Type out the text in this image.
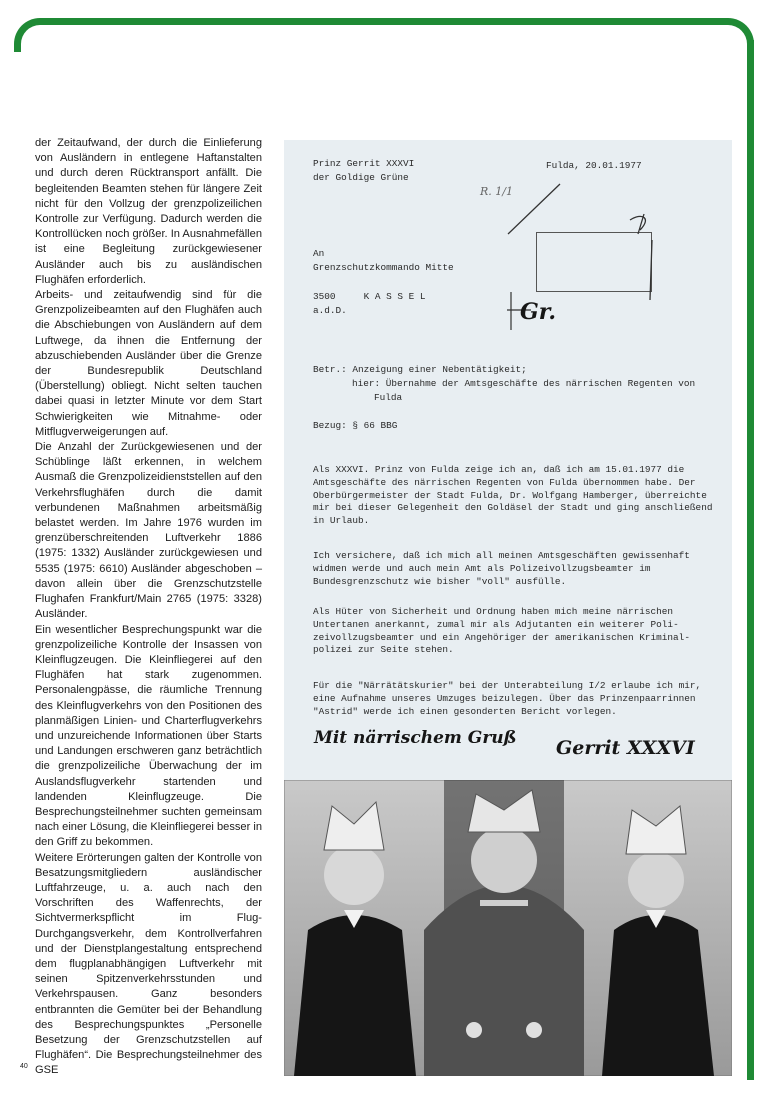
der Zeitaufwand, der durch die Einlieferung von Ausländern in entlegene Haftanstalten und durch deren Rücktransport anfällt. Die begleitenden Beamten stehen für längere Zeit nicht für den Vollzug der grenzpolizeilichen Kontrolle zur Verfügung. Dadurch werden die Kontrollücken noch größer. In Ausnahmefällen ist eine Begleitung zurückgewiesener Ausländer auch bis zu ausländischen Flughäfen erforderlich.

Arbeits- und zeitaufwendig sind für die Grenzpolizeibeamten auf den Flughäfen auch die Abschiebungen von Ausländern auf dem Luftwege, da ihnen die Entfernung der abzuschiebenden Ausländer über die Grenze der Bundesrepublik Deutschland (Überstellung) obliegt. Nicht selten tauchen dabei quasi in letzter Minute vor dem Start Schwierigkeiten wie Mitnahme- oder Mitflugverweigerungen auf.

Die Anzahl der Zurückgewiesenen und der Schüblinge läßt erkennen, in welchem Ausmaß die Grenzpolizeidienststellen auf den Verkehrsflughäfen durch die damit verbundenen Maßnahmen arbeitsmäßig belastet werden. Im Jahre 1976 wurden im grenzüberschreitenden Luftverkehr 1886 (1975: 1332) Ausländer zurückgewiesen und 5535 (1975: 6610) Ausländer abgeschoben – davon allein über die Grenzschutzstelle Flughafen Frankfurt/Main 2765 (1975: 3328) Ausländer.

Ein wesentlicher Besprechungspunkt war die grenzpolizeiliche Kontrolle der Insassen von Kleinflugzeugen. Die Kleinfliegerei auf den Flughäfen hat stark zugenommen. Personalengpässe, die räumliche Trennung des Kleinflugverkehrs von den Positionen des planmäßigen Linien- und Charterflugverkehrs und unzureichende Informationen über Starts und Landungen erschweren ganz beträchtlich die grenzpolizeiliche Überwachung der im Auslandsflugverkehr startenden und landenden Kleinflugzeuge. Die Besprechungsteilnehmer suchten gemeinsam nach einer Lösung, die Kleinfliegerei besser in den Griff zu bekommen.

Weitere Erörterungen galten der Kontrolle von Besatzungsmitgliedern ausländischer Luftfahrzeuge, u. a. auch nach den Vorschriften des Waffenrechts, der Sichtvermerkspflicht im Flug-Durchgangsverkehr, dem Kontrollverfahren und der Dienstplangestaltung entsprechend dem flugplanabhängigen Luftverkehr mit seinen Spitzenverkehrsstunden und Verkehrspausen. Ganz besonders entbrannten die Gemüter bei der Behandlung des Besprechungspunktes „Personelle Besetzung der Grenzschutzstellen auf Flughäfen“. Die Besprechungsteilnehmer des GSE

40
Prinz Gerrit XXXVI
der Goldige Grüne
Fulda, 20.01.1977
R. 1/1
Gr.
An
Grenzschutzkommando Mitte
3500     K A S S E L
a.d.D.
Betr.: Anzeigung einer Nebentätigkeit;
hier: Übernahme der Amtsgeschäfte des närrischen Regenten von
Fulda
Bezug: § 66 BBG
Als XXXVI. Prinz von Fulda zeige ich an, daß ich am 15.01.1977 die Amtsgeschäfte des närrischen Regenten von Fulda übernommen habe. Der Oberbürgermeister der Stadt Fulda, Dr. Wolfgang Hamberger, überreichte mir bei dieser Gelegenheit den Goldäsel der Stadt und ging anschließend in Urlaub.
Ich versichere, daß ich mich all meinen Amtsgeschäften gewissenhaft widmen werde und auch mein Amt als Polizeivollzugsbeamter im Bundesgrenzschutz wie bisher "voll" ausfülle.
Als Hüter von Sicherheit und Ordnung haben mich meine närrischen Untertanen anerkannt, zumal mir als Adjutanten ein weiterer Polizeivollzugsbeamter und ein Angehöriger der amerikanischen Kriminalpolizei zur Seite stehen.
Für die "Närrätätskurier" bei der Unterabteilung I/2 erlaube ich mir, eine Aufnahme unseres Umzuges beizulegen. Über das Prinzenpaarrinnen "Astrid" werde ich einen gesonderten Bericht vorlegen.
Mit närrischem Gruß Gerrit XXXVI
